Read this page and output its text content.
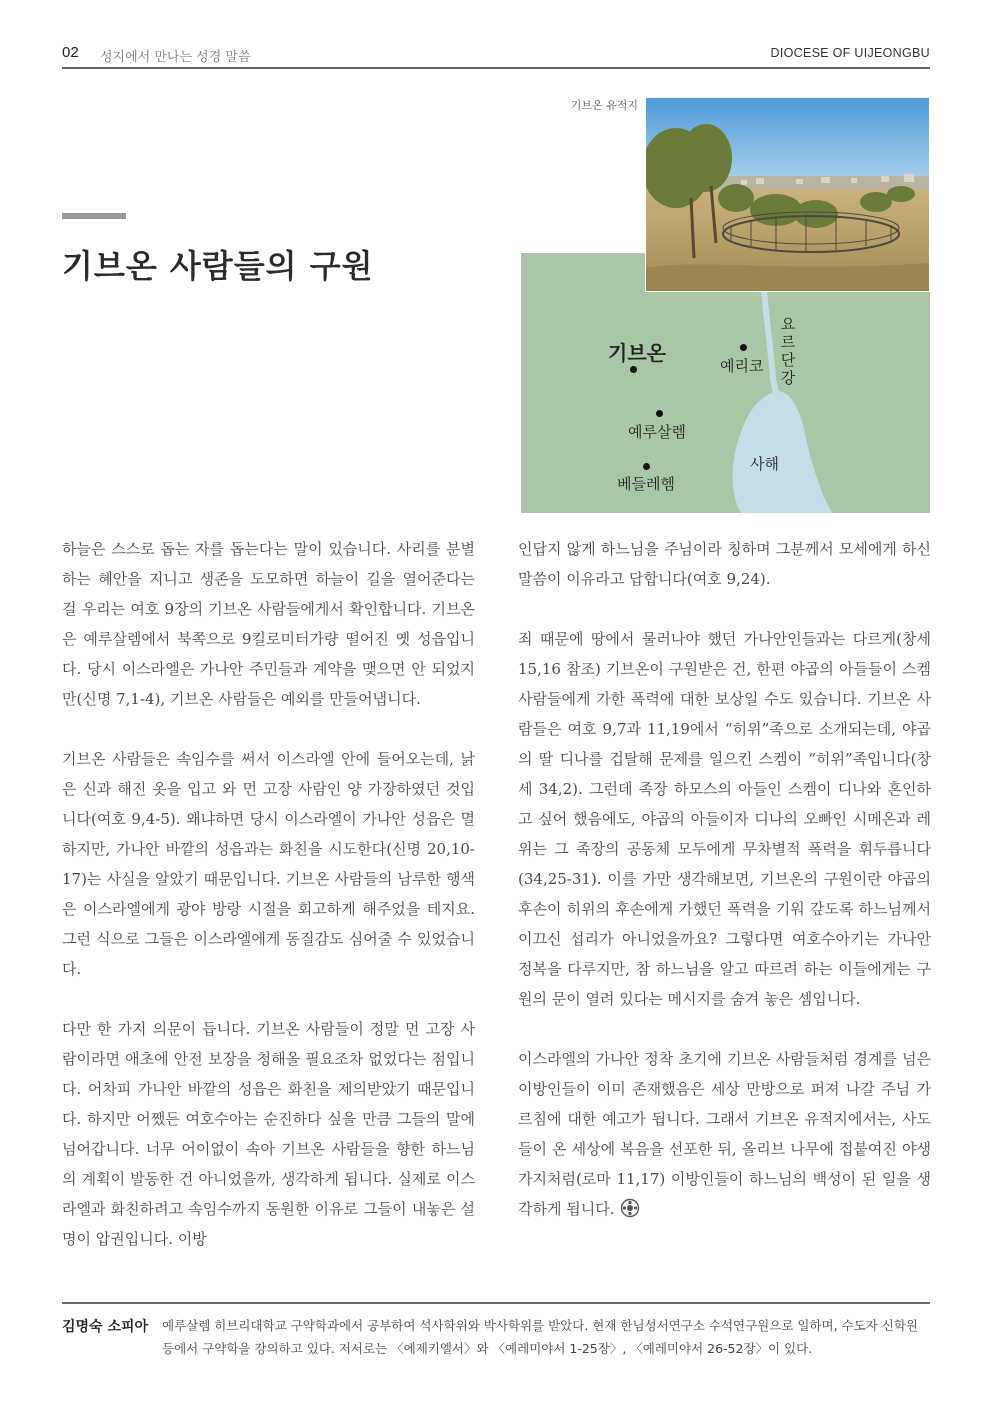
02 성지에서 만나는 성경 말씀	DIOCESE OF UIJEONGBU
기브온 사람들의 구원
기브온
예리코
예루살렘
베들레헴
사해
요
르
단
강
기브온 유적지

하늘은 스스로 돕는 자를 돕는다는 말이 있습니다. 사리를 분별하는 혜안을 지니고 생존을 도모하면 하늘이 길을 열어준다는 걸 우리는 여호 9장의 기브온 사람들에게서 확인합니다. 기브온은 예루살렘에서 북쪽으로 9킬로미터가량 떨어진 옛 성읍입니다. 당시 이스라엘은 가나안 주민들과 계약을 맺으면 안 되었지만(신명 7,1-4), 기브온 사람들은 예외를 만들어냅니다.

기브온 사람들은 속임수를 써서 이스라엘 안에 들어오는데, 낡은 신과 해진 옷을 입고 와 먼 고장 사람인 양 가장하였던 것입니다(여호 9,4-5). 왜냐하면 당시 이스라엘이 가나안 성읍은 멸하지만, 가나안 바깥의 성읍과는 화친을 시도한다(신명 20,10-17)는 사실을 알았기 때문입니다. 기브온 사람들의 남루한 행색은 이스라엘에게 광야 방랑 시절을 회고하게 해주었을 테지요. 그런 식으로 그들은 이스라엘에게 동질감도 심어줄 수 있었습니다.

다만 한 가지 의문이 듭니다. 기브온 사람들이 정말 먼 고장 사람이라면 애초에 안전 보장을 청해올 필요조차 없었다는 점입니다. 어차피 가나안 바깥의 성읍은 화친을 제의받았기 때문입니다. 하지만 어쨌든 여호수아는 순진하다 싶을 만큼 그들의 말에 넘어갑니다. 너무 어이없이 속아 기브온 사람들을 향한 하느님의 계획이 발동한 건 아니었을까, 생각하게 됩니다. 실제로 이스라엘과 화친하려고 속임수까지 동원한 이유로 그들이 내놓은 설명이 압권입니다. 이방

인답지 않게 하느님을 주님이라 칭하며 그분께서 모세에게 하신 말씀이 이유라고 답합니다(여호 9,24).

죄 때문에 땅에서 물러나야 했던 가나안인들과는 다르게(창세 15,16 참조) 기브온이 구원받은 건, 한편 야곱의 아들들이 스켐 사람들에게 가한 폭력에 대한 보상일 수도 있습니다. 기브온 사람들은 여호 9,7과 11,19에서 “히위”족으로 소개되는데, 야곱의 딸 디나를 겁탈해 문제를 일으킨 스켐이 “히위”족입니다(창세 34,2). 그런데 족장 하모스의 아들인 스켐이 디나와 혼인하고 싶어 했음에도, 야곱의 아들이자 디나의 오빠인 시메온과 레위는 그 족장의 공동체 모두에게 무차별적 폭력을 휘두릅니다(34,25-31). 이를 가만 생각해보면, 기브온의 구원이란 야곱의 후손이 히위의 후손에게 가했던 폭력을 기워 갚도록 하느님께서 이끄신 섭리가 아니었을까요? 그렇다면 여호수아기는 가나안 정복을 다루지만, 참 하느님을 알고 따르려 하는 이들에게는 구원의 문이 열려 있다는 메시지를 숨겨 놓은 셈입니다.

이스라엘의 가나안 정착 초기에 기브온 사람들처럼 경계를 넘은 이방인들이 이미 존재했음은 세상 만방으로 퍼져 나갈 주님 가르침에 대한 예고가 됩니다. 그래서 기브온 유적지에서는, 사도들이 온 세상에 복음을 선포한 뒤, 올리브 나무에 접붙여진 야생 가지처럼(로마 11,17) 이방인들이 하느님의 백성이 된 일을 생각하게 됩니다.

김명숙 소피아 예루살렘 히브리대학교 구약학과에서 공부하여 석사학위와 박사학위를 받았다. 현재 한님성서연구소 수석연구원으로 일하며, 수도자 신학원 등에서 구약학을 강의하고 있다. 저서로는 〈에제키엘서〉와 〈예레미야서 1-25장〉, 〈예레미야서 26-52장〉이 있다.
